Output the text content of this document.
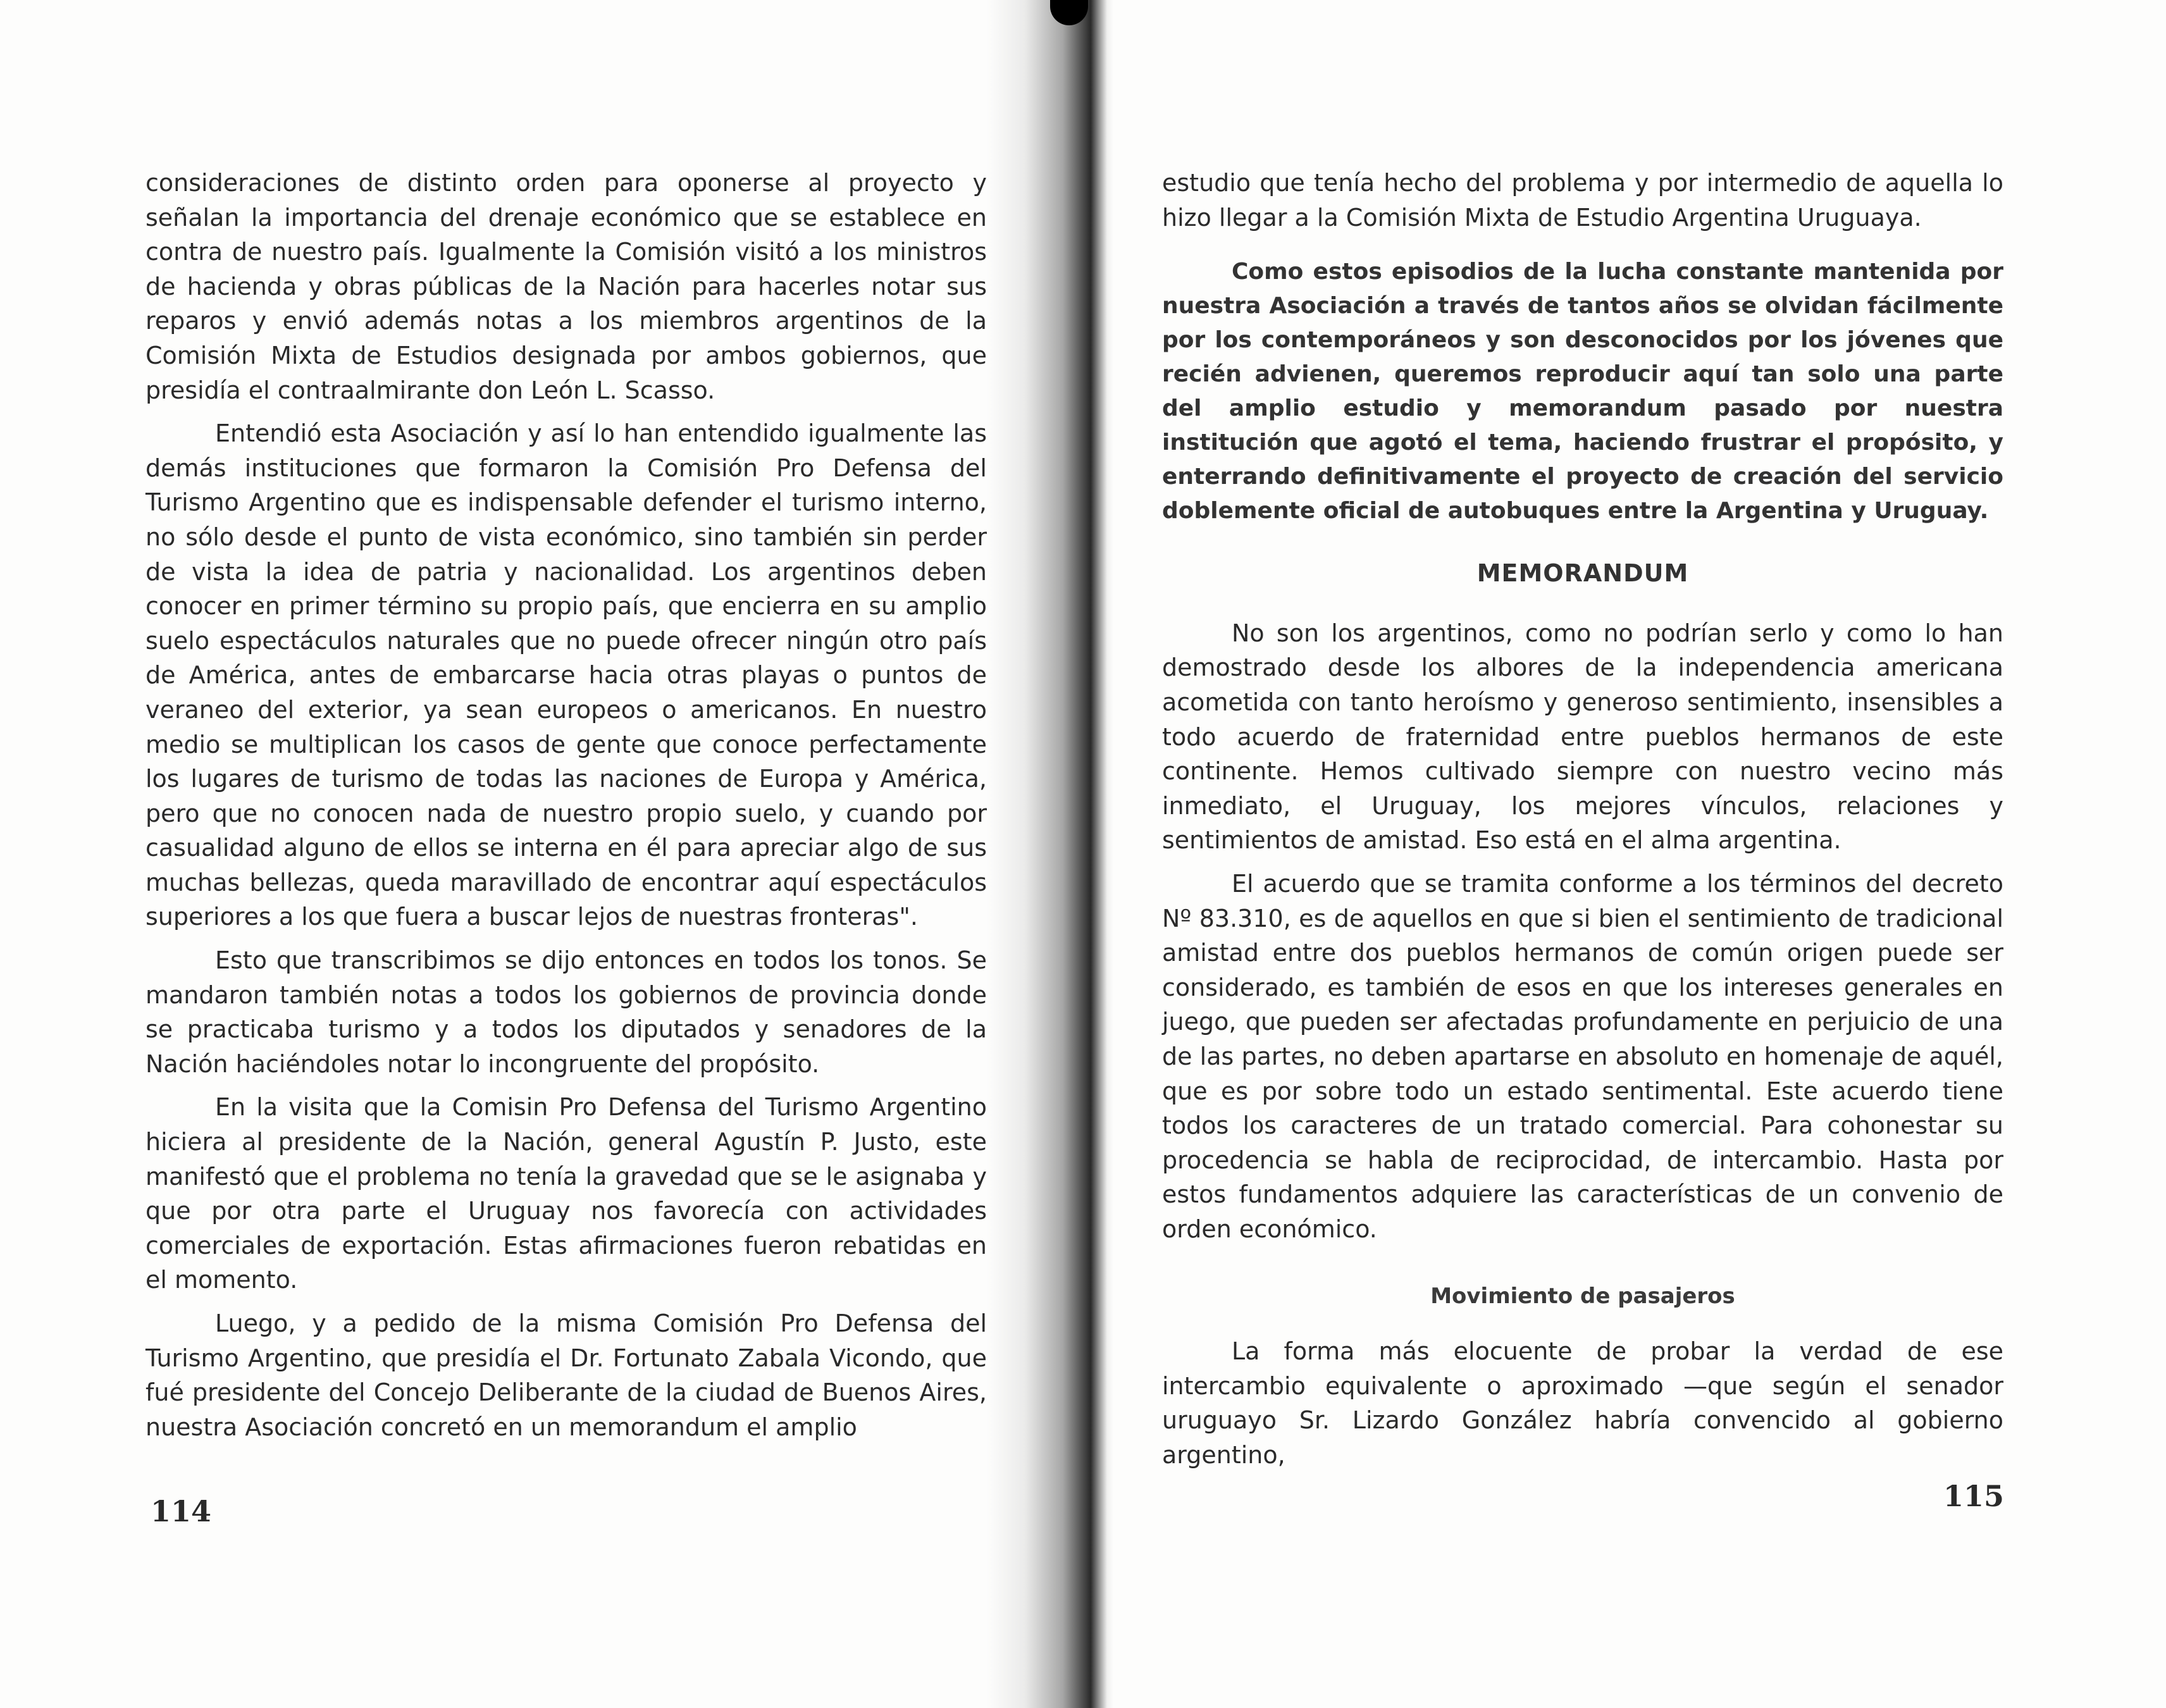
consideraciones de distinto orden para oponerse al proyecto y señalan la importancia del drenaje económico que se establece en contra de nuestro país. Igualmente la Comisión visitó a los ministros de hacienda y obras públicas de la Nación para hacerles notar sus reparos y envió además notas a los miembros argentinos de la Comisión Mixta de Estudios designada por ambos gobiernos, que presidía el contraalmirante don León L. Scasso.

Entendió esta Asociación y así lo han entendido igualmente las demás instituciones que formaron la Comisión Pro Defensa del Turismo Argentino que es indispensable defender el turismo interno, no sólo desde el punto de vista económico, sino también sin perder de vista la idea de patria y nacionalidad. Los argentinos deben conocer en primer término su propio país, que encierra en su amplio suelo espectáculos naturales que no puede ofrecer ningún otro país de América, antes de embarcarse hacia otras playas o puntos de veraneo del exterior, ya sean europeos o americanos. En nuestro medio se multiplican los casos de gente que conoce perfectamente los lugares de turismo de todas las naciones de Europa y América, pero que no conocen nada de nuestro propio suelo, y cuando por casualidad alguno de ellos se interna en él para apreciar algo de sus muchas bellezas, queda maravillado de encontrar aquí espectáculos superiores a los que fuera a buscar lejos de nuestras fronteras".

Esto que transcribimos se dijo entonces en todos los tonos. Se mandaron también notas a todos los gobiernos de provincia donde se practicaba turismo y a todos los diputados y senadores de la Nación haciéndoles notar lo incongruente del propósito.

En la visita que la Comisin Pro Defensa del Turismo Argentino hiciera al presidente de la Nación, general Agustín P. Justo, este manifestó que el problema no tenía la gravedad que se le asignaba y que por otra parte el Uruguay nos favorecía con actividades comerciales de exportación. Estas afirmaciones fueron rebatidas en el momento.

Luego, y a pedido de la misma Comisión Pro Defensa del Turismo Argentino, que presidía el Dr. Fortunato Zabala Vicondo, que fué presidente del Concejo Deliberante de la ciudad de Buenos Aires, nuestra Asociación concretó en un memorandum el amplio

114

estudio que tenía hecho del problema y por intermedio de aquella lo hizo llegar a la Comisión Mixta de Estudio Argentina Uruguaya.

Como estos episodios de la lucha constante mantenida por nuestra Asociación a través de tantos años se olvidan fácilmente por los contemporáneos y son desconocidos por los jóvenes que recién advienen, queremos reproducir aquí tan solo una parte del amplio estudio y memorandum pasado por nuestra institución que agotó el tema, haciendo frustrar el propósito, y enterrando definitivamente el proyecto de creación del servicio doblemente oficial de autobuques entre la Argentina y Uruguay.

MEMORANDUM

No son los argentinos, como no podrían serlo y como lo han demostrado desde los albores de la independencia americana acometida con tanto heroísmo y generoso sentimiento, insensibles a todo acuerdo de fraternidad entre pueblos hermanos de este continente. Hemos cultivado siempre con nuestro vecino más inmediato, el Uruguay, los mejores vínculos, relaciones y sentimientos de amistad. Eso está en el alma argentina.

El acuerdo que se tramita conforme a los términos del decreto Nº 83.310, es de aquellos en que si bien el sentimiento de tradicional amistad entre dos pueblos hermanos de común origen puede ser considerado, es también de esos en que los intereses generales en juego, que pueden ser afectadas profundamente en perjuicio de una de las partes, no deben apartarse en absoluto en homenaje de aquél, que es por sobre todo un estado sentimental. Este acuerdo tiene todos los caracteres de un tratado comercial. Para cohonestar su procedencia se habla de reciprocidad, de intercambio. Hasta por estos fundamentos adquiere las características de un convenio de orden económico.

Movimiento de pasajeros

La forma más elocuente de probar la verdad de ese intercambio equivalente o aproximado —que según el senador uruguayo Sr. Lizardo González habría convencido al gobierno argentino,

115
